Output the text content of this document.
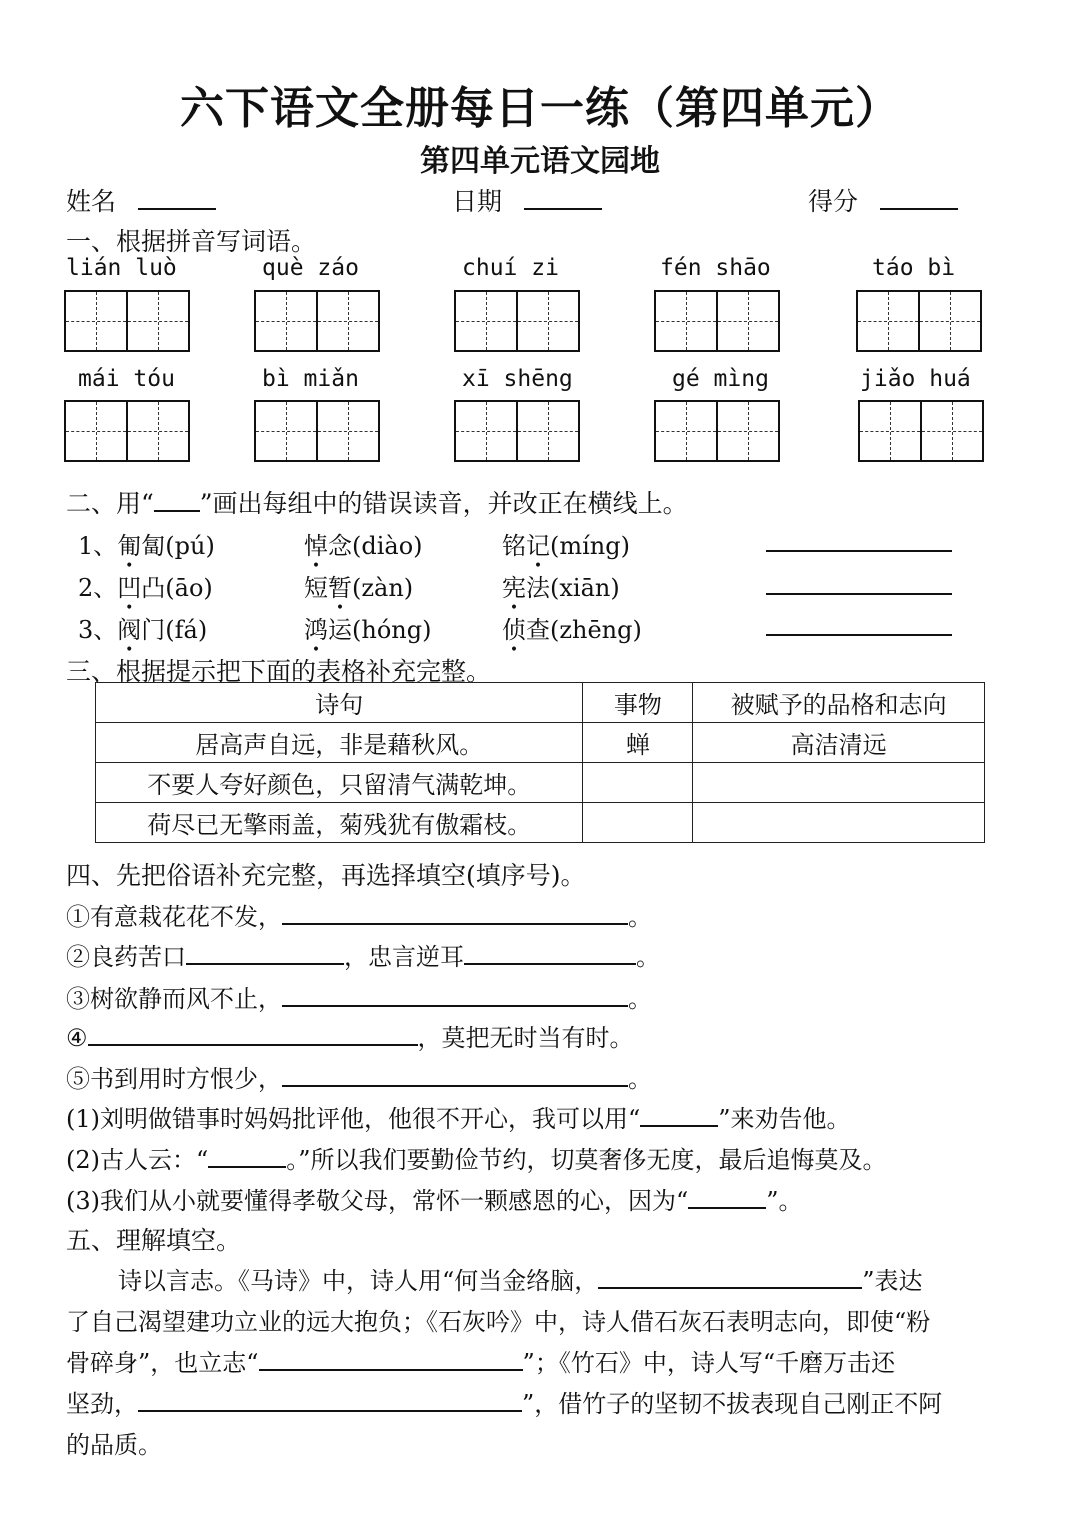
六下语文全册每日一练（第四单元）
第四单元语文园地
姓名	日期	得分
一、根据拼音写词语。
lián luò	què záo	chuí zi	fén shāo	táo bì
mái tóu	bì miǎn	xī shēng	gé mìng	jiǎo huá
二、用“ ”画出每组中的错误读音，并改正在横线上。
1、匍匐(pú)	悼念(diào)	铭记(míng)
2、凹凸(āo)	短暂(zàn)	宪法(xiān)
3、阀门(fá)	鸿运(hóng)	侦查(zhēng)
三、根据提示把下面的表格补充完整。
诗句	事物	被赋予的品格和志向
居高声自远，非是藉秋风。	蝉	高洁清远
不要人夸好颜色，只留清气满乾坤。		
荷尽已无擎雨盖，菊残犹有傲霜枝。		
四、先把俗语补充完整，再选择填空(填序号)。
①有意栽花花不发，	。
②良药苦口	，忠言逆耳	。
③树欲静而风不止，	。
④	，莫把无时当有时。
⑤书到用时方恨少，	。
(1)刘明做错事时妈妈批评他，他很不开心，我可以用“	”来劝告他。
(2)古人云：“	。”所以我们要勤俭节约，切莫奢侈无度，最后追悔莫及。
(3)我们从小就要懂得孝敬父母，常怀一颗感恩的心，因为“	”。
五、理解填空。
诗以言志。《马诗》中，诗人用“何当金络脑，	”表达
了自己渴望建功立业的远大抱负；《石灰吟》中，诗人借石灰石表明志向，即使“粉
骨碎身”，也立志“	”；《竹石》中，诗人写“千磨万击还
坚劲，	”，借竹子的坚韧不拔表现自己刚正不阿
的品质。
